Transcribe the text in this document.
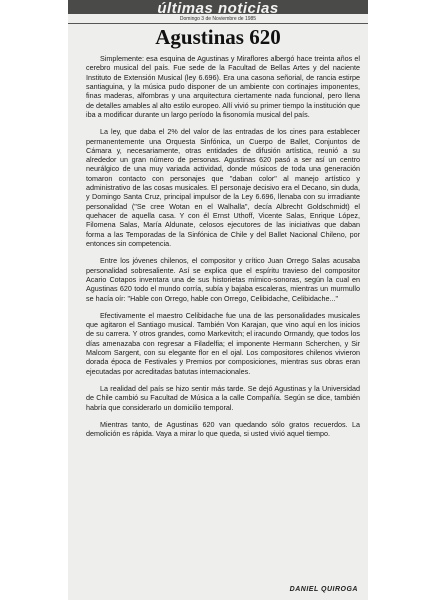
últimas noticias
Domingo 3 de Noviembre de 1985
Agustinas 620

Simplemente: esa esquina de Agustinas y Miraflores albergó hace treinta años el cerebro musical del país. Fue sede de la Facultad de Bellas Artes y del naciente Instituto de Extensión Musical (ley 6.696). Era una casona señorial, de rancia estirpe santiaguina, y la música pudo disponer de un ambiente con cortinajes imponentes, finas maderas, alfombras y una arquitectura ciertamente nada funcional, pero llena de detalles amables al alto estilo europeo. Allí vivió su primer tiempo la institución que iba a modificar durante un largo período la fisonomía musical del país.

La ley, que daba el 2% del valor de las entradas de los cines para establecer permanentemente una Orquesta Sinfónica, un Cuerpo de Ballet, Conjuntos de Cámara y, necesariamente, otras entidades de difusión artística, reunió a su alrededor un gran número de personas. Agustinas 620 pasó a ser así un centro neurálgico de una muy variada actividad, donde músicos de toda una generación tomaron contacto con personajes que "daban color" al manejo artístico y administrativo de las cosas musicales. El personaje decisivo era el Decano, sin duda, y Domingo Santa Cruz, principal impulsor de la Ley 6.696, llenaba con su irrradiante personalidad ("Se cree Wotan en el Walhalla", decía Albrecht Goldschmidt) el quehacer de aquella casa. Y con él Ernst Uthoff, Vicente Salas, Enrique López, Filomena Salas, María Aldunate, celosos ejecutores de las iniciativas que daban forma a las Temporadas de la Sinfónica de Chile y del Ballet Nacional Chileno, por entonces sin competencia.

Entre los jóvenes chilenos, el compositor y crítico Juan Orrego Salas acusaba personalidad sobresaliente. Así se explica que el espíritu travieso del compositor Acario Cotapos inventara una de sus historietas mímico-sonoras, según la cual en Agustinas 620 todo el mundo corría, subía y bajaba escaleras, mientras un murmullo se hacía oír: "Hable con Orrego, hable con Orrego, Celibidache, Celibidache..."

Efectivamente el maestro Celibidache fue una de las personalidades musicales que agitaron el Santiago musical. También Von Karajan, que vino aquí en los inicios de su carrera. Y otros grandes, como Markevitch; el iracundo Ormandy, que todos los días amenazaba con regresar a Filadelfia; el imponente Hermann Scherchen, y Sir Malcom Sargent, con su elegante flor en el ojal. Los compositores chilenos vivieron dorada época de Festivales y Premios por composiciones, mientras sus obras eran ejecutadas por acreditadas batutas internacionales.

La realidad del país se hizo sentir más tarde. Se dejó Agustinas y la Universidad de Chile cambió su Facultad de Música a la calle Compañía. Según se dice, también habría que considerarlo un domicilio temporal.

Mientras tanto, de Agustinas 620 van quedando sólo gratos recuerdos. La demolición es rápida. Vaya a mirar lo que queda, si usted vivió aquel tiempo.

DANIEL QUIROGA
